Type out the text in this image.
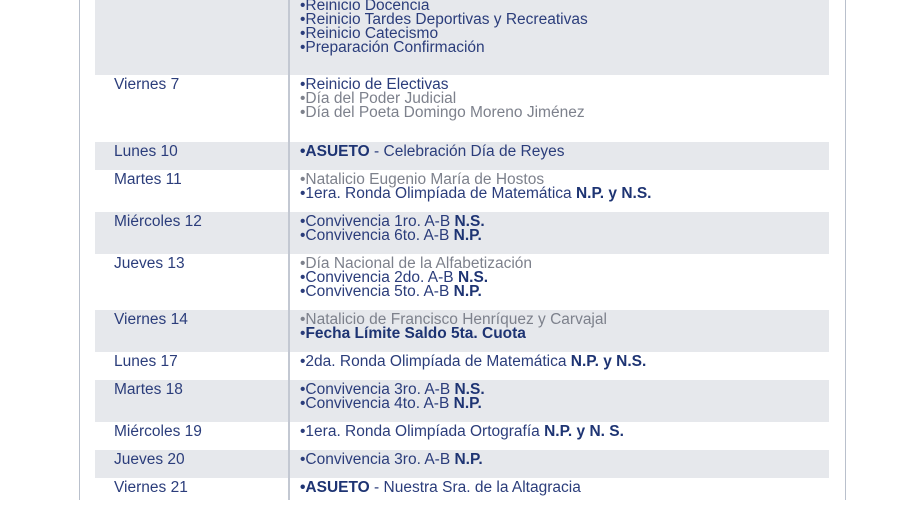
•Reinicio Docencia
•Reinicio Tardes Deportivas y Recreativas
•Reinicio Catecismo
•Preparación Confirmación
Viernes 7	•Reinicio de Electivas
•Día del Poder Judicial
•Día del Poeta Domingo Moreno Jiménez
Lunes 10	•ASUETO - Celebración Día de Reyes
Martes 11	•Natalicio Eugenio María de Hostos
•1era. Ronda Olimpíada de Matemática N.P. y N.S.
Miércoles 12	•Convivencia 1ro. A-B N.S.
•Convivencia 6to. A-B N.P.
Jueves 13	•Día Nacional de la Alfabetización
•Convivencia 2do. A-B N.S.
•Convivencia 5to. A-B N.P.
Viernes 14	•Natalicio de Francisco Henríquez y Carvajal
•Fecha Límite Saldo 5ta. Cuota
Lunes 17	•2da. Ronda Olimpíada de Matemática N.P. y N.S.
Martes 18	•Convivencia 3ro. A-B N.S.
•Convivencia 4to. A-B N.P.
Miércoles 19	•1era. Ronda Olimpíada Ortografía N.P. y N. S.
Jueves 20	•Convivencia 3ro. A-B N.P.
Viernes 21	•ASUETO - Nuestra Sra. de la Altagracia
